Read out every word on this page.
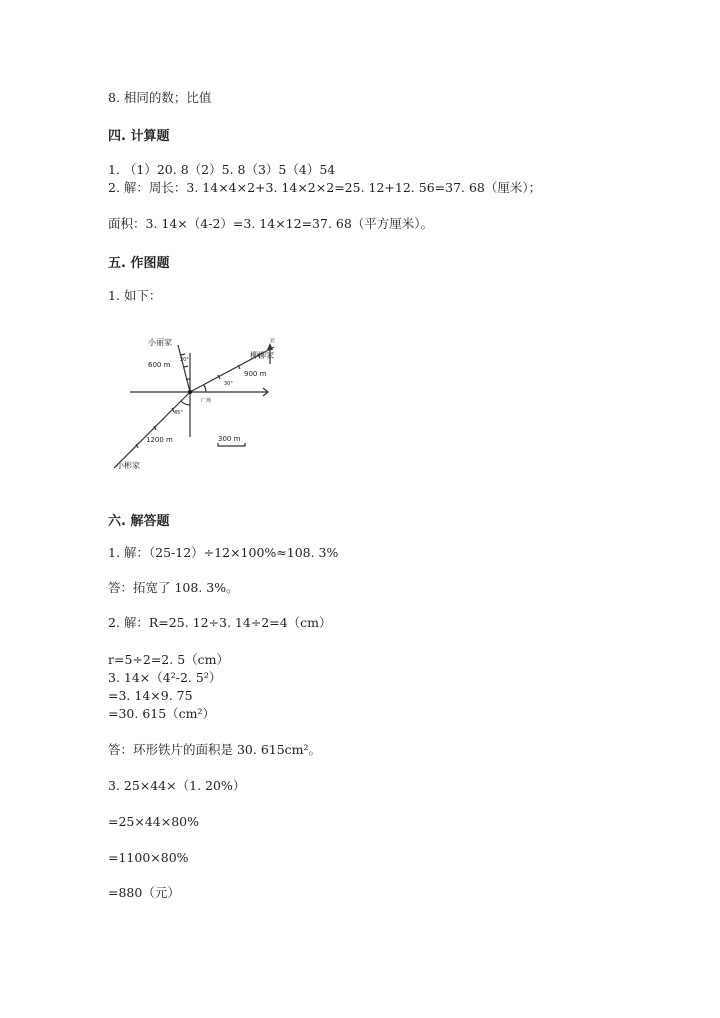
8. 相同的数；比值
四. 计算题
1. （1）20. 8（2）5. 8（3）5（4）54
2. 解：周长：3. 14×4×2+3. 14×2×2=25. 12+12. 56=37. 68（厘米）；
面积：3. 14×（4-2）=3. 14×12=37. 68（平方厘米）。
五. 作图题
1. 如下：
小丽家
600 m
20°	柳柳家
北
900 m
30°
广场
45°
1200 m	300 m
小彬家
六. 解答题
1. 解：（25-12）÷12×100%≈108. 3%
答：拓宽了 108. 3%。
2. 解：R=25. 12÷3. 14÷2=4（cm）
r=5÷2=2. 5（cm）
3. 14×（4²-2. 5²）
=3. 14×9. 75
=30. 615（cm²）
答：环形铁片的面积是 30. 615cm²。
3. 25×44×（1. 20%）
=25×44×80%
=1100×80%
=880（元）
